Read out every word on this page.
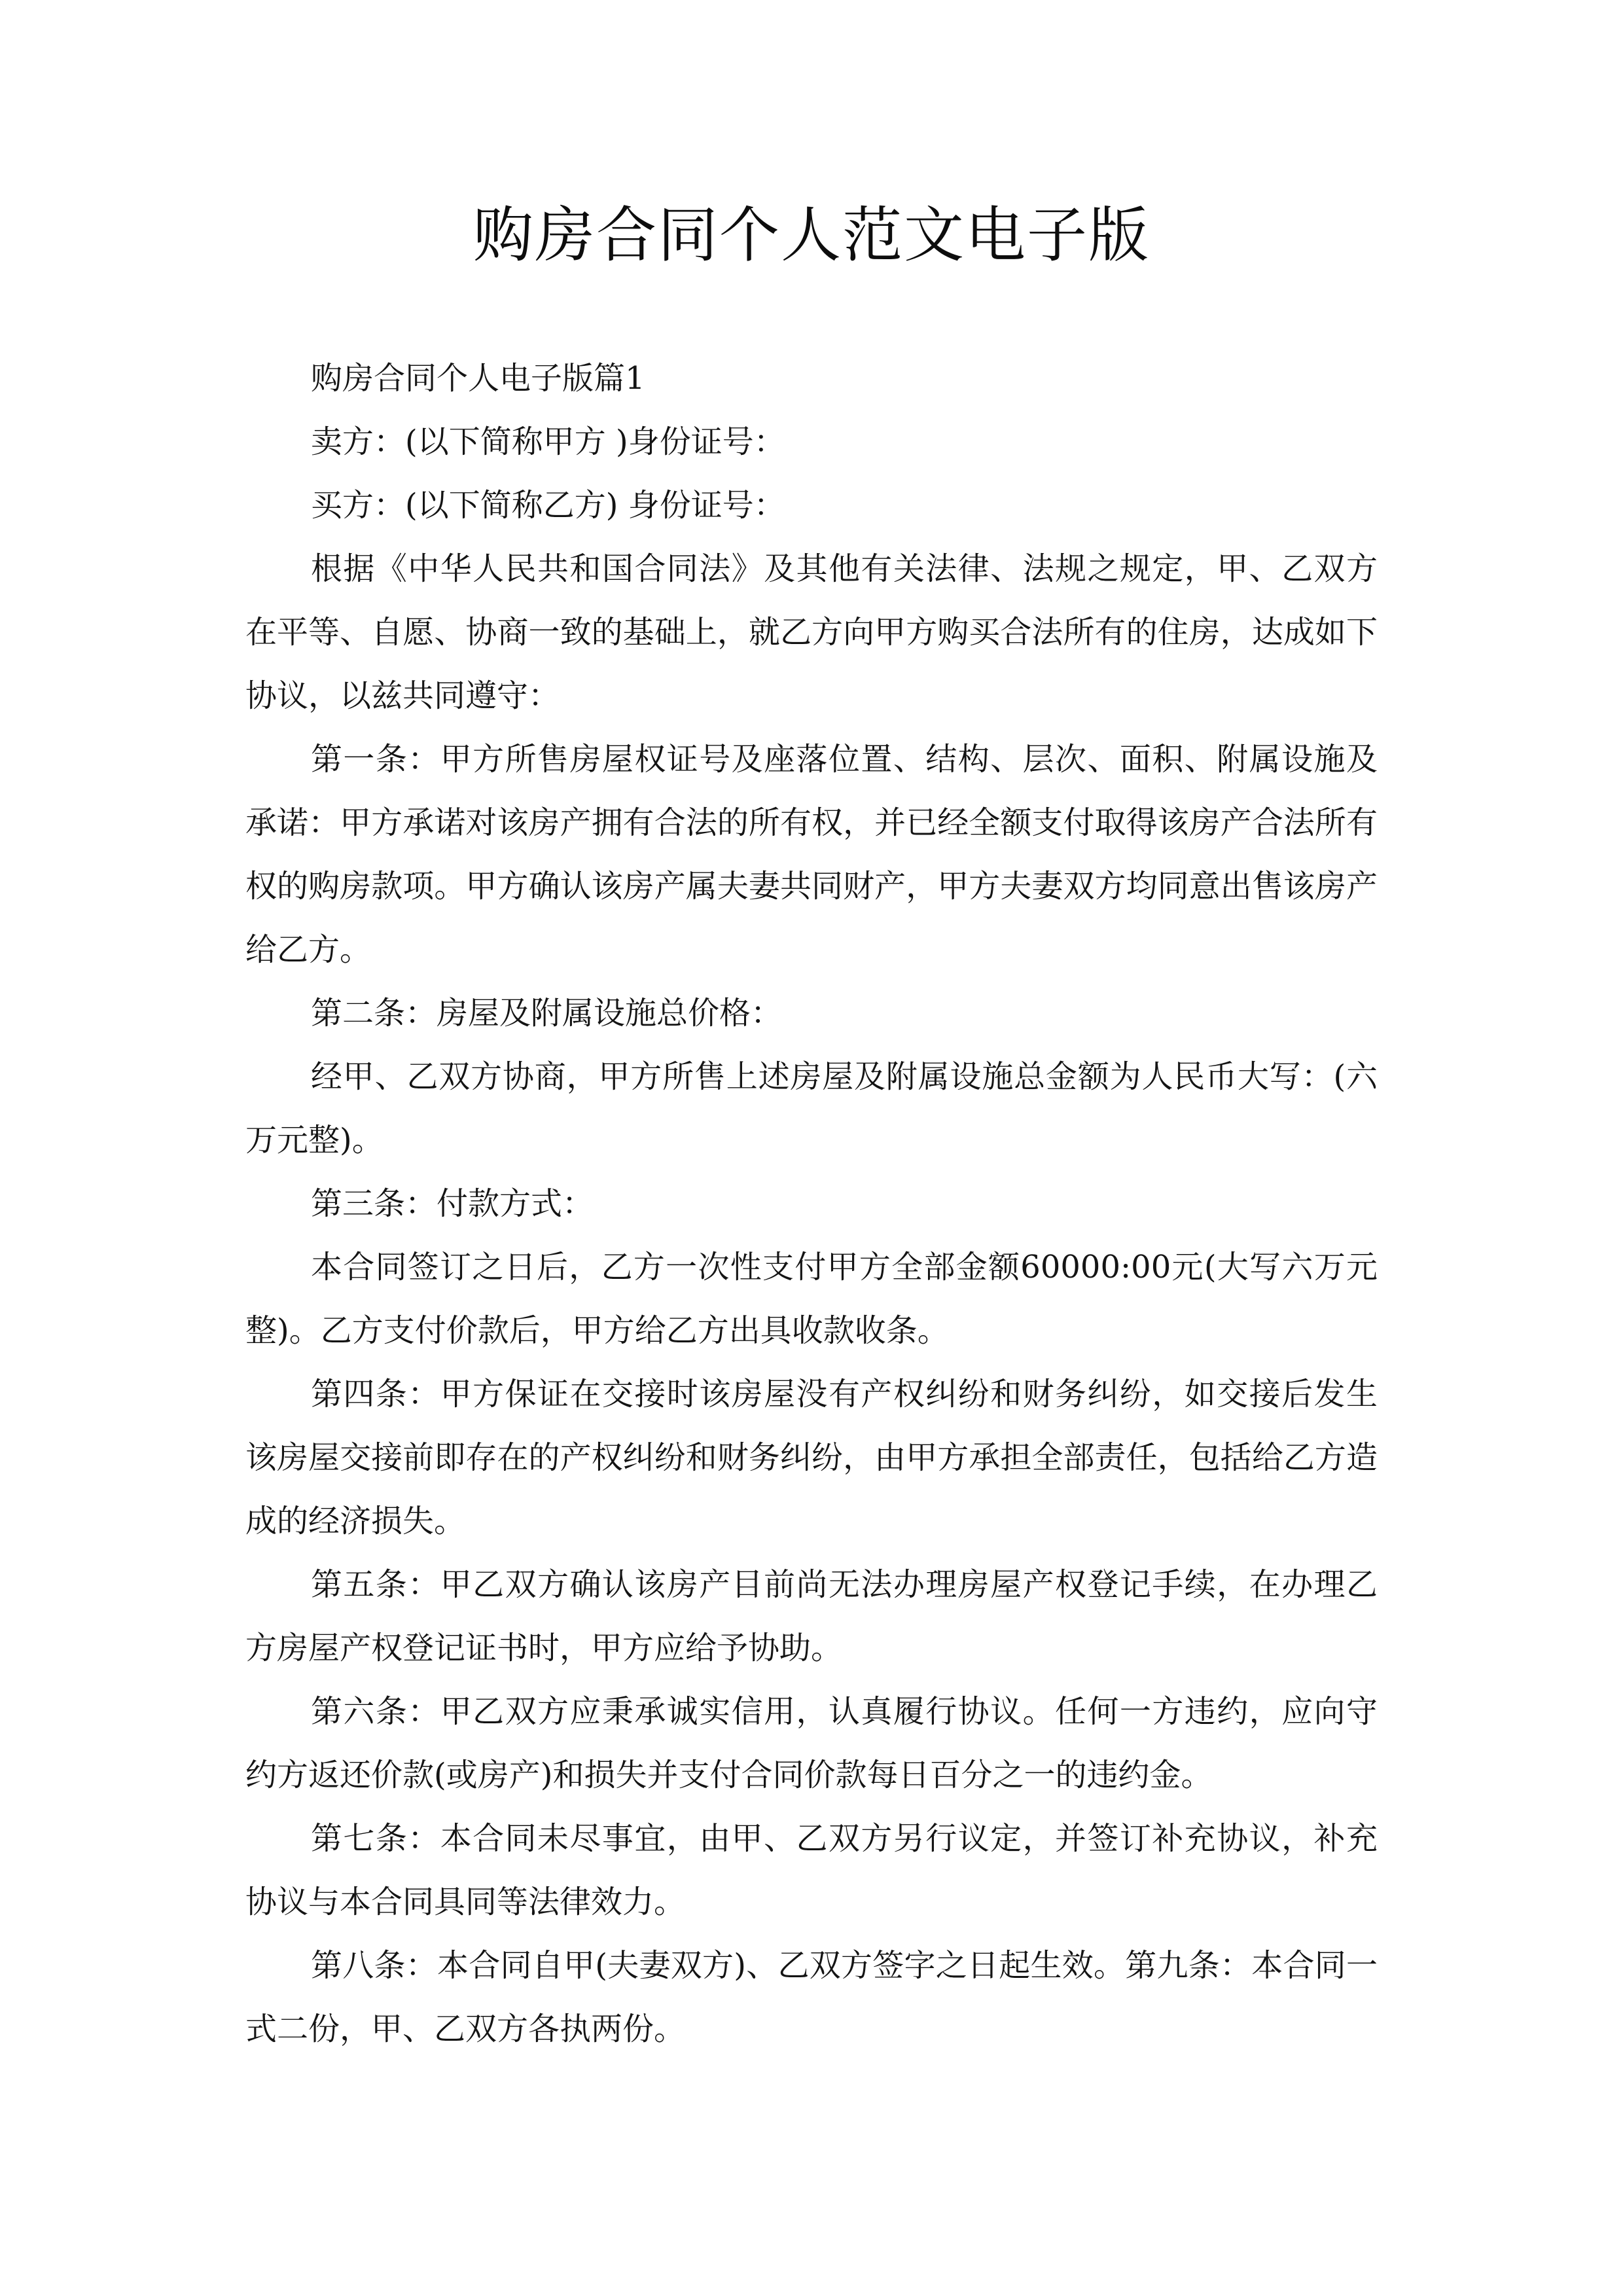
购房合同个人范文电子版

购房合同个人电子版篇1

卖方：(以下简称甲方 )身份证号：

买方：(以下简称乙方) 身份证号：

根据《中华人民共和国合同法》及其他有关法律、法规之规定，甲、乙双方在平等、自愿、协商一致的基础上，就乙方向甲方购买合法所有的住房，达成如下协议，以兹共同遵守：

第一条：甲方所售房屋权证号及座落位置、结构、层次、面积、附属设施及承诺：甲方承诺对该房产拥有合法的所有权，并已经全额支付取得该房产合法所有权的购房款项。甲方确认该房产属夫妻共同财产，甲方夫妻双方均同意出售该房产给乙方。

第二条：房屋及附属设施总价格：

经甲、乙双方协商，甲方所售上述房屋及附属设施总金额为人民币大写：(六万元整)。

第三条：付款方式：

本合同签订之日后，乙方一次性支付甲方全部金额60000:00元(大写六万元整)。乙方支付价款后，甲方给乙方出具收款收条。

第四条：甲方保证在交接时该房屋没有产权纠纷和财务纠纷，如交接后发生该房屋交接前即存在的产权纠纷和财务纠纷，由甲方承担全部责任，包括给乙方造成的经济损失。

第五条：甲乙双方确认该房产目前尚无法办理房屋产权登记手续，在办理乙方房屋产权登记证书时，甲方应给予协助。

第六条：甲乙双方应秉承诚实信用，认真履行协议。任何一方违约，应向守约方返还价款(或房产)和损失并支付合同价款每日百分之一的违约金。

第七条：本合同未尽事宜，由甲、乙双方另行议定，并签订补充协议，补充协议与本合同具同等法律效力。

第八条：本合同自甲(夫妻双方)、乙双方签字之日起生效。第九条：本合同一式二份，甲、乙双方各执两份。
